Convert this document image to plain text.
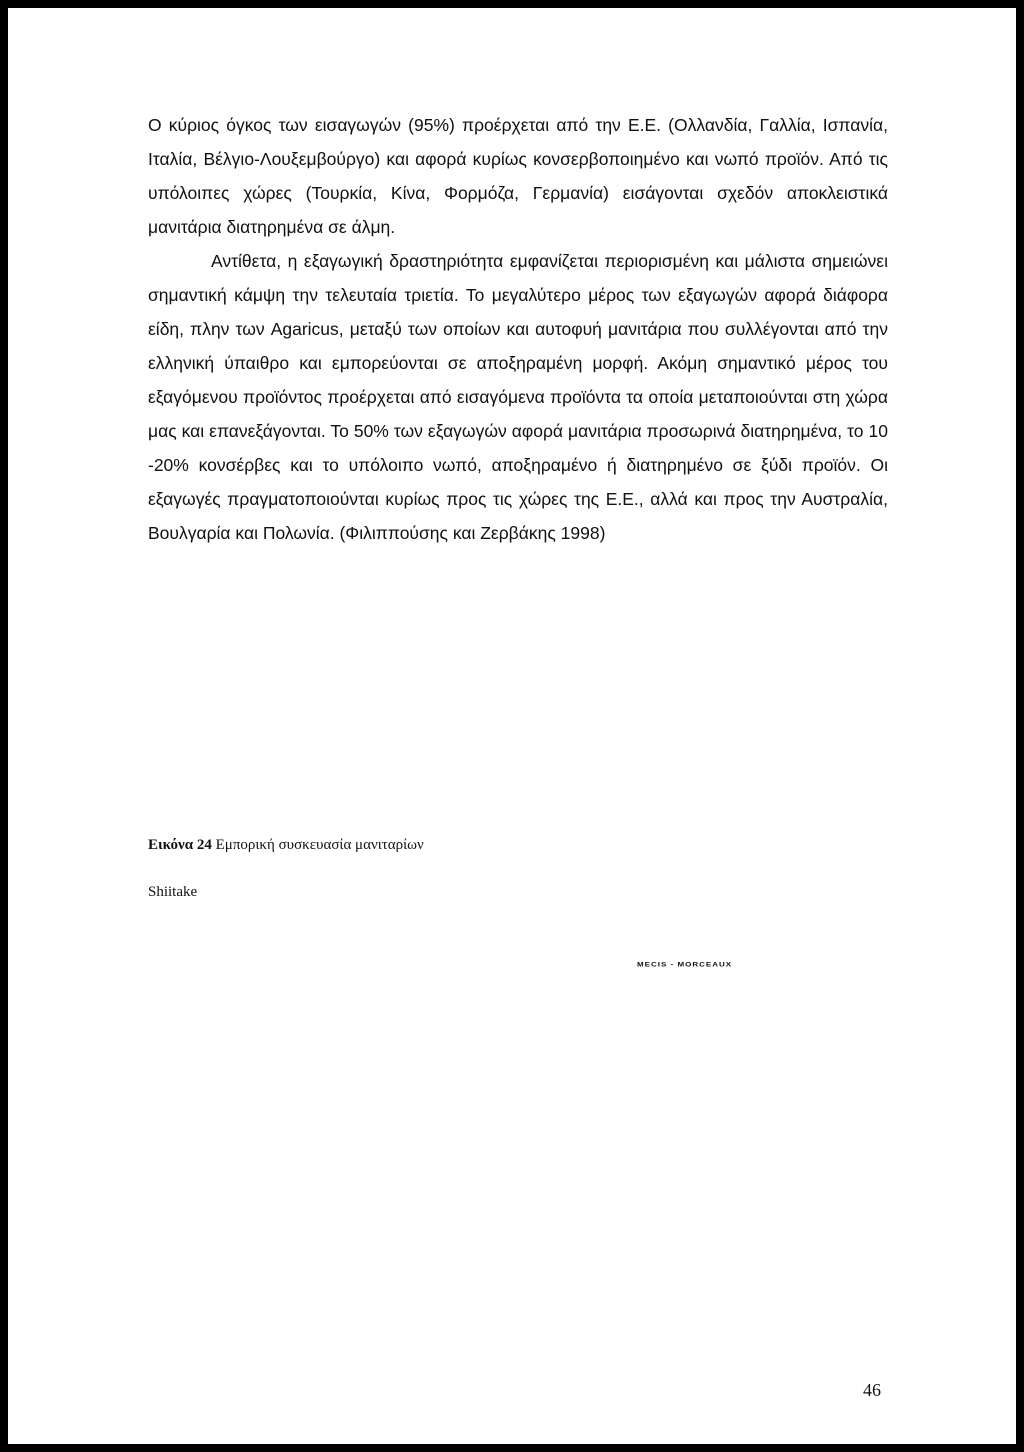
Ο κύριος όγκος των εισαγωγών (95%) προέρχεται από την Ε.Ε. (Ολλανδία, Γαλλία, Ισπανία, Ιταλία, Βέλγιο-Λουξεμβούργο) και αφορά κυρίως κονσερβοποιημένο και νωπό προϊόν. Από τις υπόλοιπες χώρες (Τουρκία, Κίνα, Φορμόζα, Γερμανία) εισάγονται σχεδόν αποκλειστικά μανιτάρια διατηρημένα σε άλμη.

Αντίθετα, η εξαγωγική δραστηριότητα εμφανίζεται περιορισμένη και μάλιστα σημειώνει σημαντική κάμψη την τελευταία τριετία. Το μεγαλύτερο μέρος των εξαγωγών αφορά διάφορα είδη, πλην των Agaricus, μεταξύ των οποίων και αυτοφυή μανιτάρια που συλλέγονται από την ελληνική ύπαιθρο και εμπορεύονται σε αποξηραμένη μορφή. Ακόμη σημαντικό μέρος του εξαγόμενου προϊόντος προέρχεται από εισαγόμενα προϊόντα τα οποία μεταποιούνται στη χώρα μας και επανεξάγονται. Το 50% των εξαγωγών αφορά μανιτάρια προσωρινά διατηρημένα, το 10 -20% κονσέρβες και το υπόλοιπο νωπό, αποξηραμένο ή διατηρημένο σε ξύδι προϊόν. Οι εξαγωγές πραγματοποιούνται κυρίως προς τις χώρες της Ε.Ε., αλλά και προς την Αυστραλία, Βουλγαρία και Πολωνία. (Φιλιππούσης και Ζερβάκης 1998)

Εικόνα 24 Εμπορική συσκευασία μανιταρίων
Shiitake
MECIS - MORCEAUX
46
